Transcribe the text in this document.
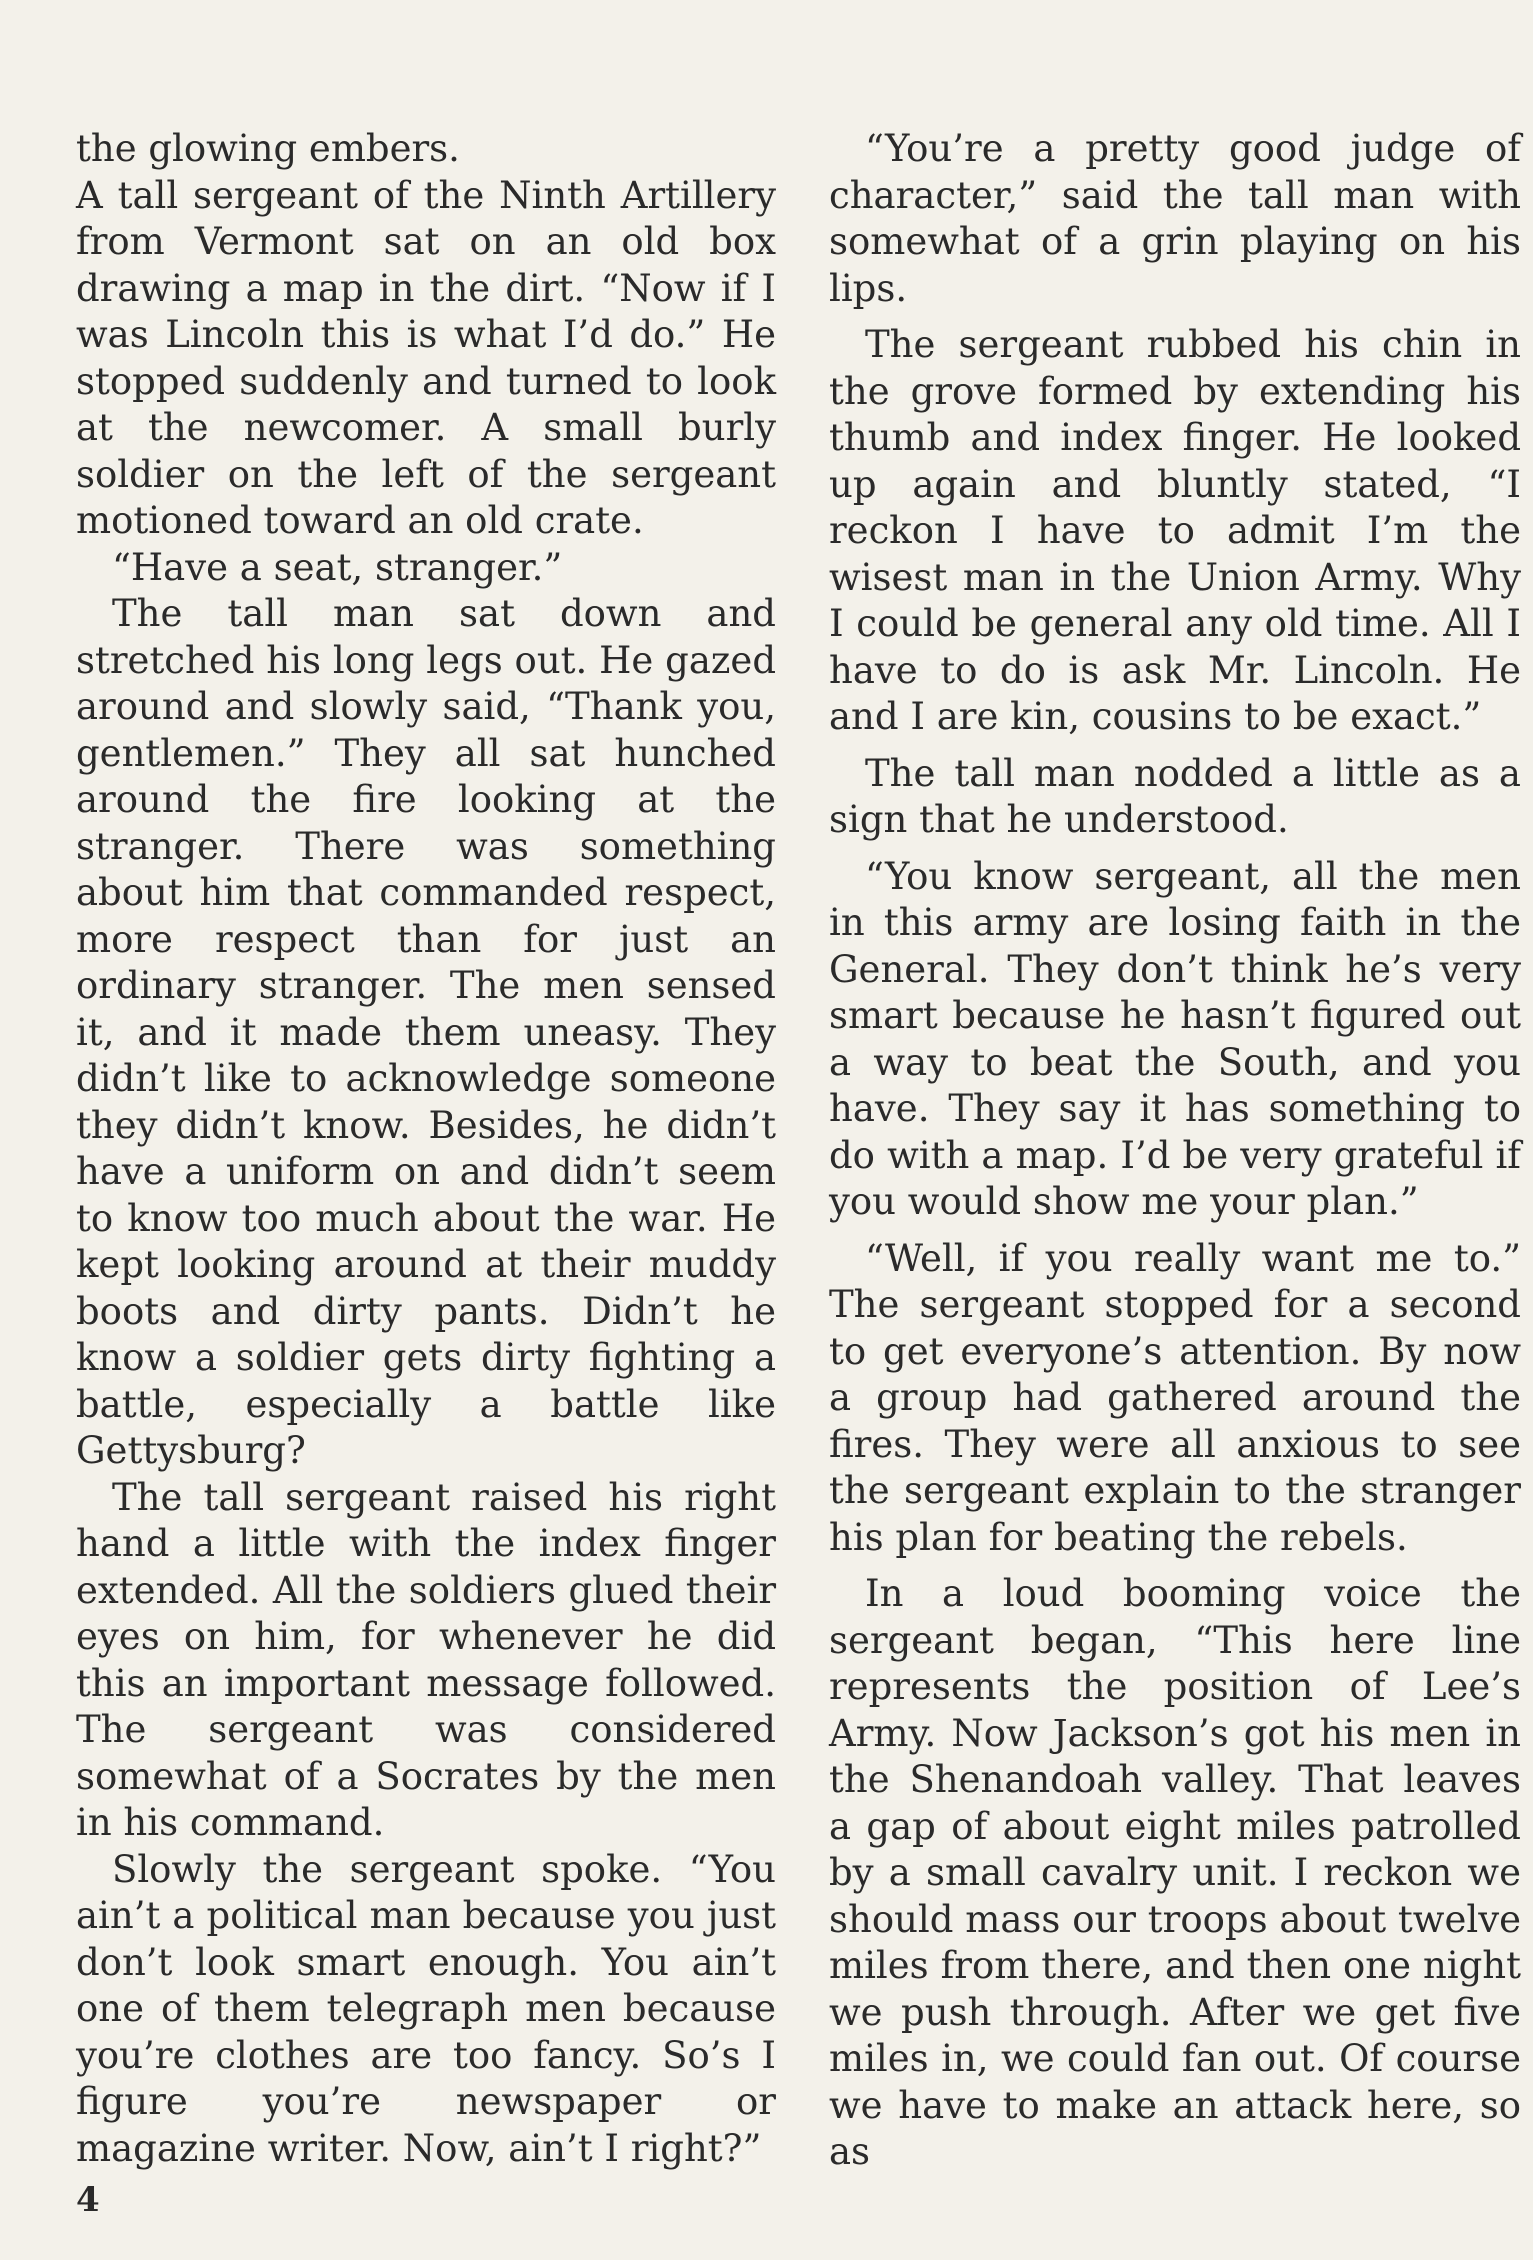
the glowing embers.

A tall sergeant of the Ninth Artillery from Vermont sat on an old box drawing a map in the dirt. “Now if I was Lincoln this is what I’d do.” He stopped suddenly and turned to look at the newcomer. A small burly soldier on the left of the sergeant motioned toward an old crate.

“Have a seat, stranger.”

The tall man sat down and stretched his long legs out. He gazed around and slowly said, “Thank you, gentlemen.” They all sat hunched around the fire looking at the stranger. There was something about him that commanded respect, more respect than for just an ordinary stranger. The men sensed it, and it made them uneasy. They didn’t like to acknowledge someone they didn’t know. Besides, he didn’t have a uniform on and didn’t seem to know too much about the war. He kept looking around at their muddy boots and dirty pants. Didn’t he know a soldier gets dirty fighting a battle, especially a battle like Gettysburg?

The tall sergeant raised his right hand a little with the index finger extended. All the soldiers glued their eyes on him, for whenever he did this an important message followed. The sergeant was considered somewhat of a Socrates by the men in his command.

Slowly the sergeant spoke. “You ain’t a political man because you just don’t look smart enough. You ain’t one of them telegraph men because you’re clothes are too fancy. So’s I figure you’re newspaper or magazine writer. Now, ain’t I right?”

“You’re a pretty good judge of character,” said the tall man with somewhat of a grin playing on his lips.

The sergeant rubbed his chin in the grove formed by extending his thumb and index finger. He looked up again and bluntly stated, “I reckon I have to admit I’m the wisest man in the Union Army. Why I could be general any old time. All I have to do is ask Mr. Lincoln. He and I are kin, cousins to be exact.”

The tall man nodded a little as a sign that he understood.

“You know sergeant, all the men in this army are losing faith in the General. They don’t think he’s very smart because he hasn’t figured out a way to beat the South, and you have. They say it has something to do with a map. I’d be very grateful if you would show me your plan.”

“Well, if you really want me to.” The sergeant stopped for a second to get everyone’s attention. By now a group had gathered around the fires. They were all anxious to see the sergeant explain to the stranger his plan for beating the rebels.

In a loud booming voice the sergeant began, “This here line represents the position of Lee’s Army. Now Jackson’s got his men in the Shenandoah valley. That leaves a gap of about eight miles patrolled by a small cavalry unit. I reckon we should mass our troops about twelve miles from there, and then one night we push through. After we get five miles in, we could fan out. Of course we have to make an attack here, so as

4
